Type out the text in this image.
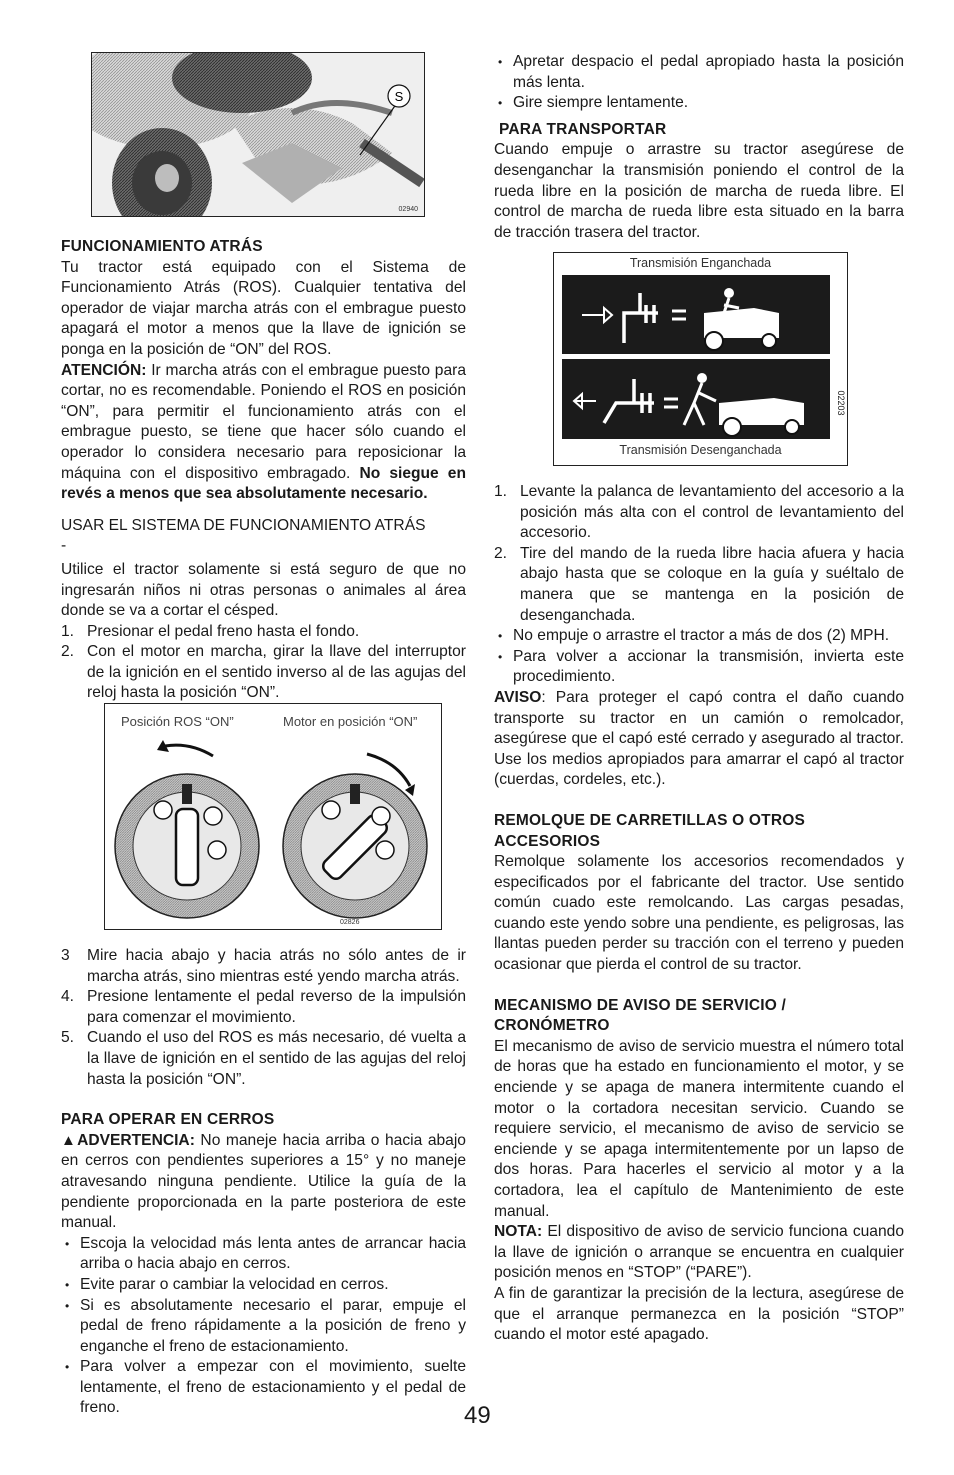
S
02940
FUNCIONAMIENTO ATRÁS

Tu tractor está equipado con el Sistema de Funcionamiento Atrás (ROS). Cualquier tentativa del operador de viajar marcha atrás con el embrague puesto apagará el motor a menos que la llave de ignición se ponga en la posición de “ON” del ROS.
ATENCIÓN: Ir marcha atrás con el embrague puesto para cortar, no es recomendable. Poniendo el ROS en posición “ON”, para permitir el funcionamiento atrás con el embrague puesto, se tiene que hacer sólo cuando el operador lo considera necesario para reposicionar la máquina con el dispositivo embragado. No siegue en revés a menos que sea absolutamente necesario.

USAR EL SISTEMA DE FUNCIONAMIENTO ATRÁS -

Utilice el tractor solamente si está seguro de que no ingresarán niños ni otras personas o animales al área donde se va a cortar el césped.

1. Presionar el pedal freno hasta el fondo.
2. Con el motor en marcha, girar la llave del interruptor de la ignición en el sentido inverso al de las agujas del reloj hasta la posición “ON”.
Posición ROS “ON”	Motor en posición “ON”
02826
3 Mire hacia abajo y hacia atrás no sólo antes de ir marcha atrás, sino mientras esté yendo marcha atrás.
4. Presione lentamente el pedal reverso de la impulsión para comenzar el movimiento.
5. Cuando el uso del ROS es más necesario, dé vuelta a la llave de ignición en el sentido de las agujas del reloj hasta la posición “ON”.
PARA OPERAR EN CERROS

▲ADVERTENCIA: No maneje hacia arriba o hacia abajo en cerros con pendientes superiores a 15° y no maneje atravesando ninguna pendiente. Utilice la guía de la pendiente proporcionada en la parte posteriora de este manual.

• Escoja la velocidad más lenta antes de arrancar hacia arriba o hacia abajo en cerros.
• Evite parar o cambiar la velocidad en cerros.
• Si es absolutamente necesario el parar, empuje el pedal de freno rápidamente a la posición de freno y enganche el freno de estacionamiento.
• Para volver a empezar con el movimiento, suelte lentamente, el freno de estacionamiento y el pedal de freno.
• Apretar despacio el pedal apropiado hasta la posición más lenta.
• Gire siempre lentamente.
PARA TRANSPORTAR

Cuando empuje o arrastre su tractor asegúrese de desenganchar la transmisión poniendo el control de la rueda libre en la posición de marcha de rueda libre. El control de marcha de rueda libre esta situado en la barra de tracción trasera del tractor.

Transmisión Enganchada
Transmisión Desenganchada
02203
1. Levante la palanca de levantamiento del accesorio a la posición más alta con el control de levantamiento del accesorio.
2. Tire del mando de la rueda libre hacia afuera y hacia abajo hasta que se coloque en la guía y suéltalo de manera que se mantenga en la posición de desenganchada.
• No empuje o arrastre el tractor a más de dos (2) MPH.
• Para volver a accionar la transmisión, invierta este procedimiento.

AVISO: Para proteger el capó contra el daño cuando transporte su tractor en un camión o remolcador, asegúrese que el capó esté cerrado y asegurado al tractor. Use los medios apropiados para amarrar el capó al tractor (cuerdas, cordeles, etc.).

REMOLQUE DE CARRETILLAS O OTROS ACCESORIOS

Remolque solamente los accesorios recomendados y especificados por el fabricante del tractor. Use sentido común cuado este remolcando. Las cargas pesadas, cuando este yendo sobre una pendiente, es peligrosas, las llantas pueden perder su tracción con el terreno y pueden ocasionar que pierda el control de su tractor.

MECANISMO DE AVISO DE SERVICIO / CRONÓMETRO

El mecanismo de aviso de servicio muestra el número total de horas que ha estado en funcionamiento el motor, y se enciende y se apaga de manera intermitente cuando el motor o la cortadora necesitan servicio. Cuando se requiere servicio, el mecanismo de aviso de servicio se enciende y se apaga intermitentemente por un lapso de dos horas. Para hacerles el servicio al motor y a la cortadora, lea el capítulo de Mantenimiento de este manual.

NOTA: El dispositivo de aviso de servicio funciona cuando la llave de ignición o arranque se encuentra en cualquier posición menos en “STOP” (“PARE”).

A fin de garantizar la precisión de la lectura, asegúrese de que el arranque permanezca en la posición “STOP” cuando el motor esté apagado.

49
